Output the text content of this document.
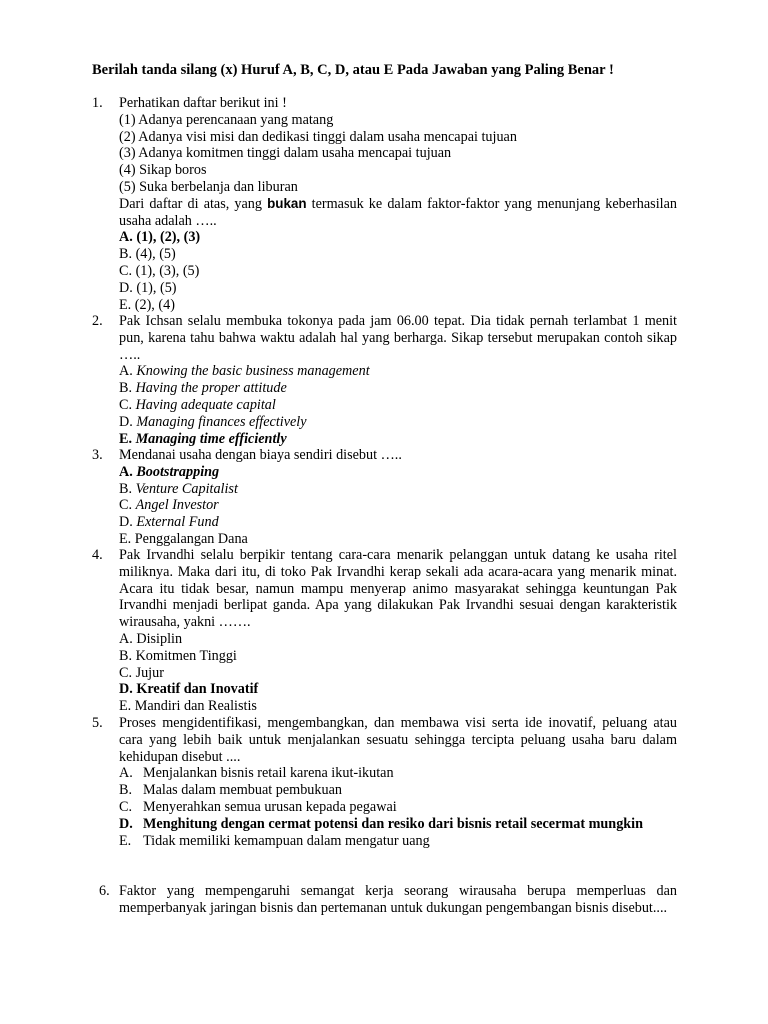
Berilah tanda silang (x) Huruf A, B, C, D, atau E Pada Jawaban yang Paling Benar !
1. Perhatikan daftar berikut ini !
(1) Adanya perencanaan yang matang
(2) Adanya visi misi dan dedikasi tinggi dalam usaha mencapai tujuan
(3) Adanya komitmen tinggi dalam usaha mencapai tujuan
(4) Sikap boros
(5) Suka berbelanja dan liburan
Dari daftar di atas, yang bukan termasuk ke dalam faktor-faktor yang menunjang keberhasilan usaha adalah …..
A. (1), (2), (3)
B. (4), (5)
C. (1), (3), (5)
D. (1), (5)
E. (2), (4)
2. Pak Ichsan selalu membuka tokonya pada jam 06.00 tepat. Dia tidak pernah terlambat 1 menit pun, karena tahu bahwa waktu adalah hal yang berharga. Sikap tersebut merupakan contoh sikap …..
A. Knowing the basic business management
B. Having the proper attitude
C. Having adequate capital
D. Managing finances effectively
E. Managing time efficiently
3. Mendanai usaha dengan biaya sendiri disebut …..
A. Bootstrapping
B. Venture Capitalist
C. Angel Investor
D. External Fund
E. Penggalangan Dana
4. Pak Irvandhi selalu berpikir tentang cara-cara menarik pelanggan untuk datang ke usaha ritel miliknya. Maka dari itu, di toko Pak Irvandhi kerap sekali ada acara-acara yang menarik minat. Acara itu tidak besar, namun mampu menyerap animo masyarakat sehingga keuntungan Pak Irvandhi menjadi berlipat ganda. Apa yang dilakukan Pak Irvandhi sesuai dengan karakteristik wirausaha, yakni …….
A. Disiplin
B. Komitmen Tinggi
C. Jujur
D. Kreatif dan Inovatif
E. Mandiri dan Realistis
5. Proses mengidentifikasi, mengembangkan, dan membawa visi serta ide inovatif, peluang atau cara yang lebih baik untuk menjalankan sesuatu sehingga tercipta peluang usaha baru dalam kehidupan disebut ....
A. Menjalankan bisnis retail karena ikut-ikutan
B. Malas dalam membuat pembukuan
C. Menyerahkan semua urusan kepada pegawai
D. Menghitung dengan cermat potensi dan resiko dari bisnis retail secermat mungkin
E. Tidak memiliki kemampuan dalam mengatur uang
6. Faktor yang mempengaruhi semangat kerja seorang wirausaha berupa memperluas dan memperbanyak jaringan bisnis dan pertemanan untuk dukungan pengembangan bisnis disebut....
